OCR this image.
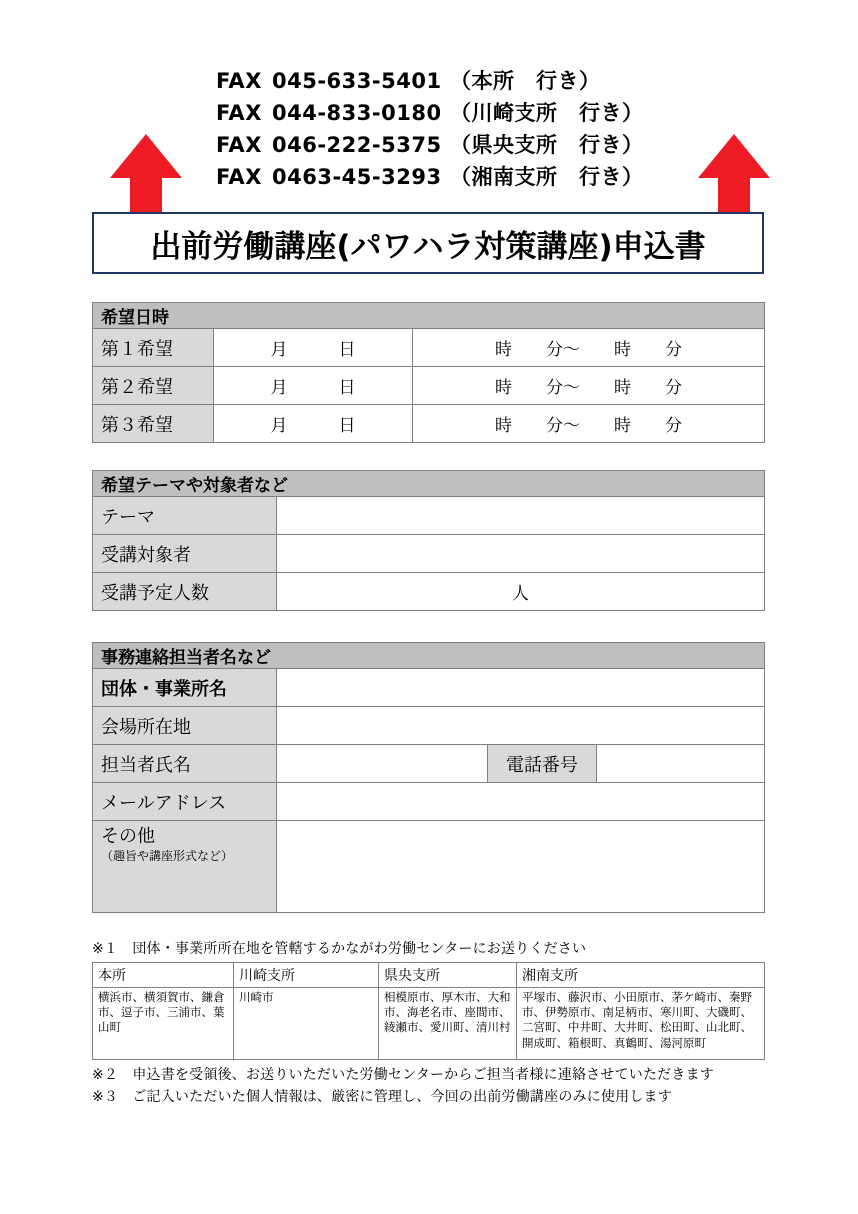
FAX 045-633-5401 （本所　行き）
FAX 044-833-0180 （川崎支所　行き）
FAX 046-222-5375 （県央支所　行き）
FAX 0463-45-3293 （湘南支所　行き）
出前労働講座(パワハラ対策講座)申込書
希望日時		
第１希望	月　　　日	時　　分～　　時　　分
第２希望	月　　　日	時　　分～　　時　　分
第３希望	月　　　日	時　　分～　　時　　分
希望テーマや対象者など	
テーマ	
受講対象者	
受講予定人数	人
事務連絡担当者名など			
団体・事業所名			
会場所在地			
担当者氏名		電話番号	
メールアドレス			
その他
（趣旨や講座形式など）			

※１　団体・事業所所在地を管轄するかながわ労働センターにお送りください
本所	川崎支所	県央支所	湘南支所
横浜市、横須賀市、鎌倉市、逗子市、三浦市、葉山町	川崎市	相模原市、厚木市、大和市、海老名市、座間市、綾瀬市、愛川町、清川村	平塚市、藤沢市、小田原市、茅ケ崎市、秦野市、伊勢原市、南足柄市、寒川町、大磯町、二宮町、中井町、大井町、松田町、山北町、開成町、箱根町、真鶴町、湯河原町
※２　申込書を受領後、お送りいただいた労働センターからご担当者様に連絡させていただきます
※３　ご記入いただいた個人情報は、厳密に管理し、今回の出前労働講座のみに使用します
